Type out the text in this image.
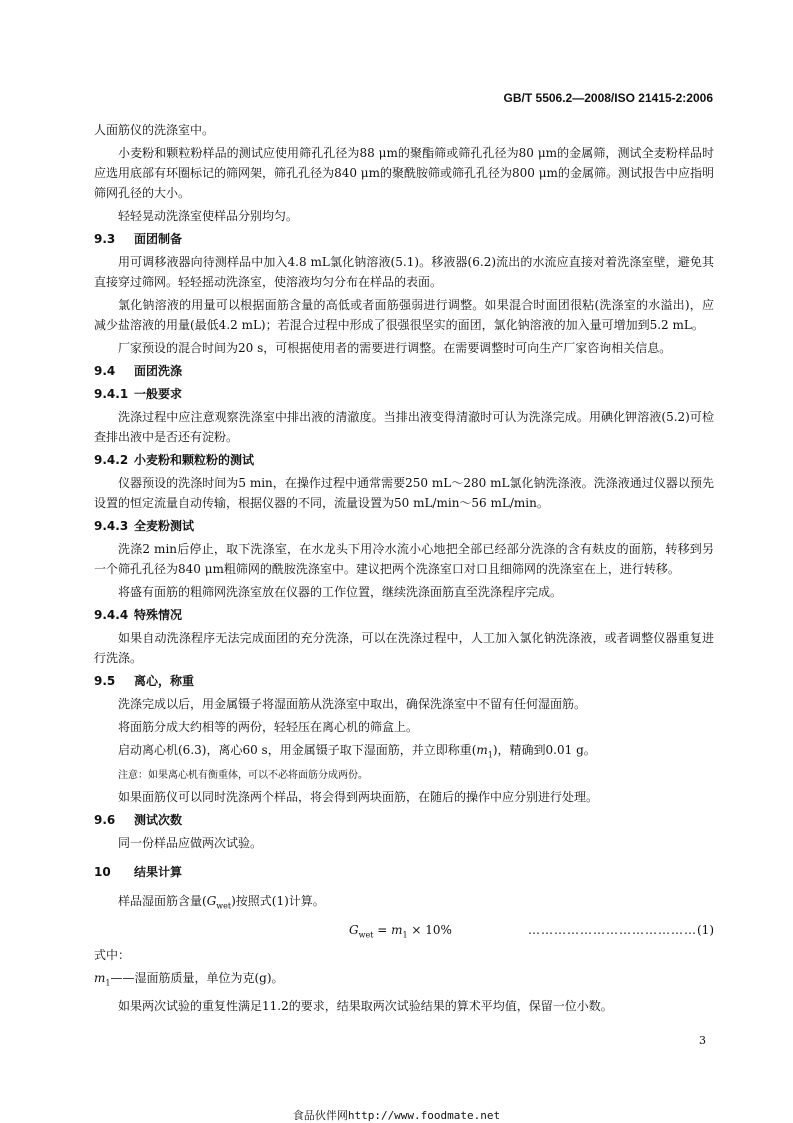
GB/T 5506.2—2008/ISO 21415-2:2006

人面筋仪的洗涤室中。

小麦粉和颗粒粉样品的测试应使用筛孔孔径为88 μm的聚酯筛或筛孔孔径为80 μm的金属筛，测试全麦粉样品时应选用底部有环圈标记的筛网架，筛孔孔径为840 μm的聚酰胺筛或筛孔孔径为800 μm的金属筛。测试报告中应指明筛网孔径的大小。

轻轻晃动洗涤室使样品分别均匀。

9.3 面团制备

用可调移液器向待测样品中加入4.8 mL氯化钠溶液(5.1)。移液器(6.2)流出的水流应直接对着洗涤室壁，避免其直接穿过筛网。轻轻摇动洗涤室，使溶液均匀分布在样品的表面。

氯化钠溶液的用量可以根据面筋含量的高低或者面筋强弱进行调整。如果混合时面团很粘(洗涤室的水溢出)，应减少盐溶液的用量(最低4.2 mL)；若混合过程中形成了很强很坚实的面团，氯化钠溶液的加入量可增加到5.2 mL。

厂家预设的混合时间为20 s，可根据使用者的需要进行调整。在需要调整时可向生产厂家咨询相关信息。

9.4 面团洗涤
9.4.1 一般要求

洗涤过程中应注意观察洗涤室中排出液的清澈度。当排出液变得清澈时可认为洗涤完成。用碘化钾溶液(5.2)可检查排出液中是否还有淀粉。

9.4.2 小麦粉和颗粒粉的测试

仪器预设的洗涤时间为5 min，在操作过程中通常需要250 mL～280 mL氯化钠洗涤液。洗涤液通过仪器以预先设置的恒定流量自动传输，根据仪器的不同，流量设置为50 mL/min～56 mL/min。

9.4.3 全麦粉测试

洗涤2 min后停止，取下洗涤室，在水龙头下用冷水流小心地把全部已经部分洗涤的含有麸皮的面筋，转移到另一个筛孔孔径为840 μm粗筛网的酰胺洗涤室中。建议把两个洗涤室口对口且细筛网的洗涤室在上，进行转移。

将盛有面筋的粗筛网洗涤室放在仪器的工作位置，继续洗涤面筋直至洗涤程序完成。

9.4.4 特殊情况

如果自动洗涤程序无法完成面团的充分洗涤，可以在洗涤过程中，人工加入氯化钠洗涤液，或者调整仪器重复进行洗涤。

9.5 离心，称重

洗涤完成以后，用金属镊子将湿面筋从洗涤室中取出，确保洗涤室中不留有任何湿面筋。

将面筋分成大约相等的两份，轻轻压在离心机的筛盒上。

启动离心机(6.3)，离心60 s，用金属镊子取下湿面筋，并立即称重$(m_1)$，精确到0.01 g。

注意：如果离心机有衡重体，可以不必将面筋分成两份。

如果面筋仪可以同时洗涤两个样品，将会得到两块面筋，在随后的操作中应分别进行处理。

9.6 测试次数

同一份样品应做两次试验。

10 结果计算

样品湿面筋含量$(G_{wet})$按照式(1)计算。

$G_{wet} = m_1 \times 10\%$	…………………………………(1)

式中：

$m_1——$湿面筋质量，单位为克(g)。

如果两次试验的重复性满足11.2的要求，结果取两次试验结果的算术平均值，保留一位小数。

3
食品伙伴网http://www.foodmate.net
